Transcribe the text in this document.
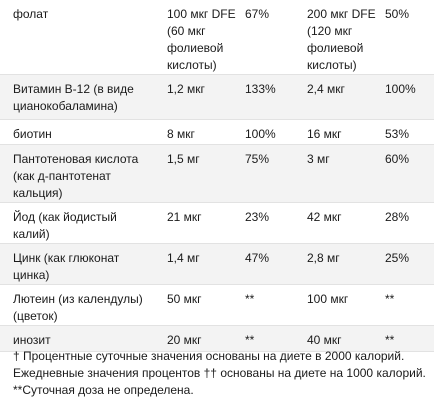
фолат	100 мкг DFE
(60 мкг
фолиевой
кислоты)	67%	200 мкг DFE
(120 мкг
фолиевой
кислоты)	50%
Витамин B-12 (в виде
цианокобаламина)	1,2 мкг	133%	2,4 мкг	100%
биотин	8 мкг	100%	16 мкг	53%
Пантотеновая кислота
(как д-пантотенат
кальция)	1,5 мг	75%	3 мг	60%
Йод (как йодистый
калий)	21 мкг	23%	42 мкг	28%
Цинк (как глюконат
цинка)	1,4 мг	47%	2,8 мг	25%
Лютеин (из календулы)
(цветок)	50 мкг	**	100 мкг	**
инозит	20 мкг	**	40 мкг	**
† Процентные суточные значения основаны на диете в 2000 калорий.
Ежедневные значения процентов †† основаны на диете на 1000 калорий.
**Суточная доза не определена.
